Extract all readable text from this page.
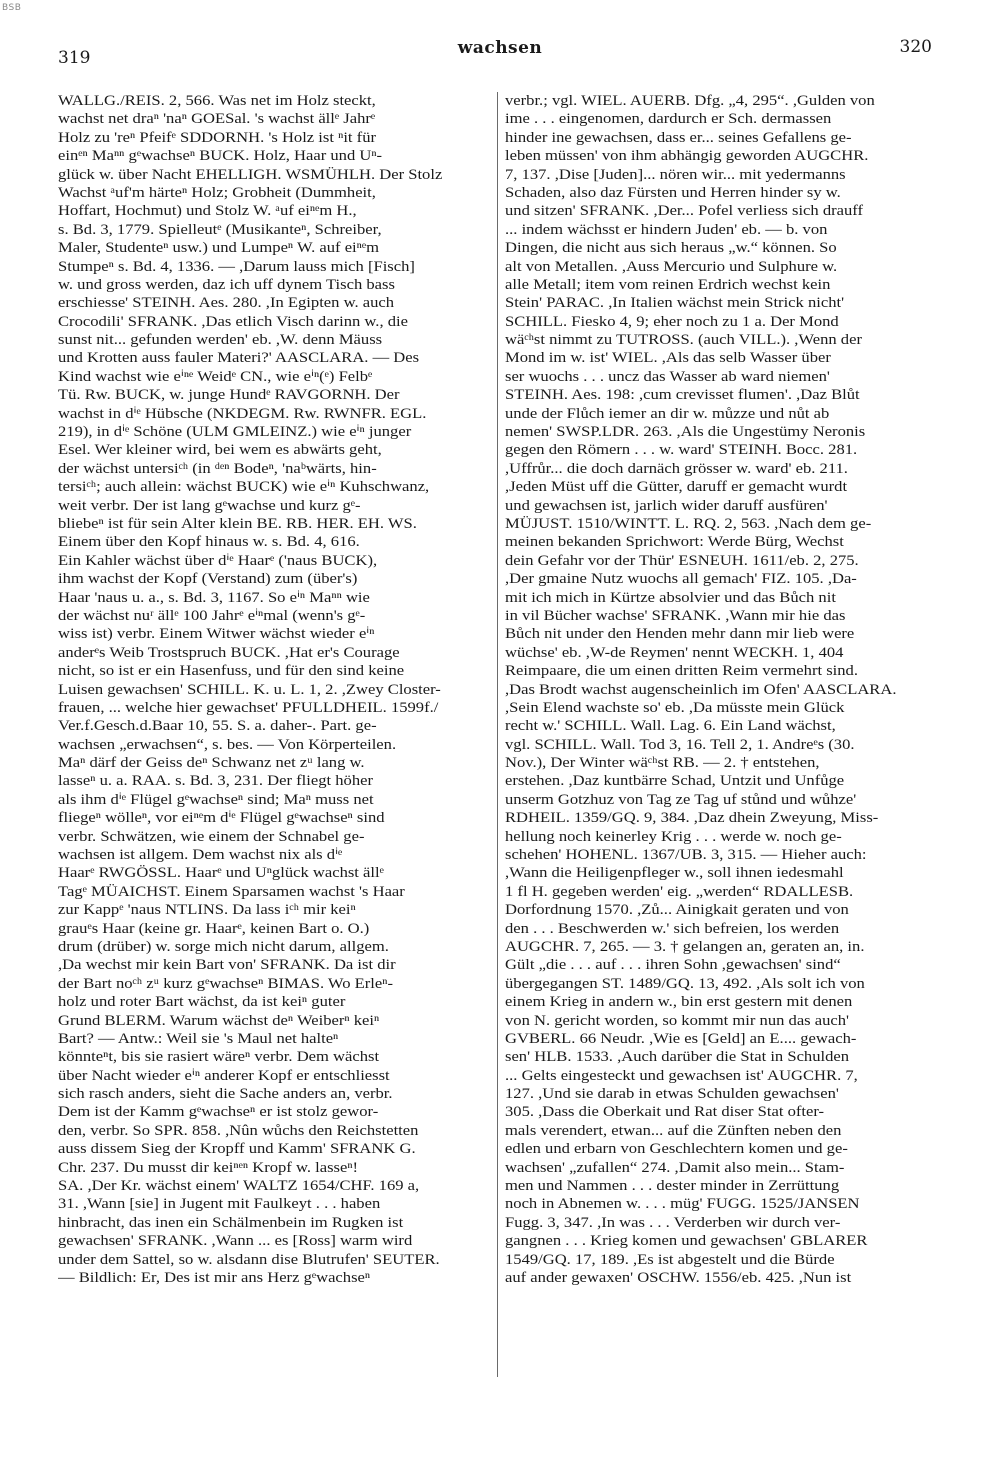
BSB
319	wachsen	320
WALLG./REIS. 2, 566. Was net im Holz steckt,
wachst net draⁿ 'naⁿ GOESal. 's wachst ällᵉ Jahrᵉ
Holz zu 'reⁿ Pfeifᵉ SDDORNH. 's Holz ist ⁿit für
einᵉⁿ Maⁿⁿ gᵉwachseⁿ BUCK. Holz, Haar und Uⁿ-
glück w. über Nacht EHELLIGH. WSMÜHLH. Der Stolz
Wachst ᵃuf'm härteⁿ Holz; Grobheit (Dummheit,
Hoffart, Hochmut) und Stolz W. ᵃuf eiⁿᵉm H.,
s. Bd. 3, 1779. Spielleutᵉ (Musikanteⁿ, Schreiber,
Maler, Studenteⁿ usw.) und Lumpeⁿ W. auf eiⁿᵉm
Stumpeⁿ s. Bd. 4, 1336. — ,Darum lauss mich [Fisch]
w. und gross werden, daz ich uff dynem Tisch bass
erschiesse' STEINH. Aes. 280. ,In Egipten w. auch
Crocodili' SFRANK. ,Das etlich Visch darinn w., die
sunst nit... gefunden werden' eb. ,W. denn Mäuss
und Krotten auss fauler Materi?' AASCLARA. — Des
Kind wachst wie eⁱⁿᵉ Weidᵉ CN., wie eⁱⁿ(ᵉ) Felbᵉ
Tü. Rw. BUCK, w. junge Hundᵉ RAVGORNH. Der
wachst in dⁱᵉ Hübsche (NKDEGM. Rw. RWNFR. EGL.
219), in dⁱᵉ Schöne (ULM GMLEINZ.) wie eⁱⁿ junger
Esel. Wer kleiner wird, bei wem es abwärts geht,
der wächst untersiᶜʰ (in ᵈᵉⁿ Bodeⁿ, 'naᵇwärts, hin-
tersiᶜʰ; auch allein: wächst BUCK) wie eⁱⁿ Kuhschwanz,
weit verbr. Der ist lang gᵉwachse und kurz gᵉ-
bliebeⁿ ist für sein Alter klein BE. RB. HER. EH. WS.
Einem über den Kopf hinaus w. s. Bd. 4, 616.
Ein Kahler wächst über dⁱᵉ Haarᵉ ('naus BUCK),
ihm wachst der Kopf (Verstand) zum (über's)
Haar 'naus u. a., s. Bd. 3, 1167. So eⁱⁿ Maⁿⁿ wie
der wächst nuʳ ällᵉ 100 Jahrᵉ eⁱⁿmal (wenn's gᵉ-
wiss ist) verbr. Einem Witwer wächst wieder eⁱⁿ
anderᵉs Weib Trostspruch BUCK. ,Hat er's Courage
nicht, so ist er ein Hasenfuss, und für den sind keine
Luisen gewachsen' SCHILL. K. u. L. 1, 2. ,Zwey Closter-
frauen, ... welche hier gewachset' PFULLDHEIL. 1599f./
Ver.f.Gesch.d.Baar 10, 55. S. a. daher-. Part. ge-
wachsen „erwachsen“, s. bes. — Von Körperteilen.
Maⁿ därf der Geiss deⁿ Schwanz net zᵘ lang w.
lasseⁿ u. a. RAA. s. Bd. 3, 231. Der fliegt höher
als ihm dⁱᵉ Flügel gᵉwachseⁿ sind; Maⁿ muss net
fliegeⁿ wölleⁿ, vor eiⁿᵉm dⁱᵉ Flügel gᵉwachseⁿ sind
verbr. Schwätzen, wie einem der Schnabel ge-
wachsen ist allgem. Dem wachst nix als dⁱᵉ
Haarᵉ RWGÖSSL. Haarᵉ und Uⁿglück wachst ällᵉ
Tagᵉ MÜAICHST. Einem Sparsamen wachst 's Haar
zur Kappᵉ 'naus NTLINS. Da lass iᶜʰ mir keiⁿ
grauᵉs Haar (keine gr. Haarᵉ, keinen Bart o. O.)
drum (drüber) w. sorge mich nicht darum, allgem.
,Da wechst mir kein Bart von' SFRANK. Da ist dir
der Bart noᶜʰ zᵘ kurz gᵉwachseⁿ BIMAS. Wo Erleⁿ-
holz und roter Bart wächst, da ist keiⁿ guter
Grund BLERM. Warum wächst deⁿ Weiberⁿ keiⁿ
Bart? — Antw.: Weil sie 's Maul net halteⁿ
könnteⁿt, bis sie rasiert wäreⁿ verbr. Dem wächst
über Nacht wieder eⁱⁿ anderer Kopf er entschliesst
sich rasch anders, sieht die Sache anders an, verbr.
Dem ist der Kamm gᵉwachseⁿ er ist stolz gewor-
den, verbr. So SPR. 858. ,Nûn wůchs den Reichstetten
auss dissem Sieg der Kropff und Kamm' SFRANK G.
Chr. 237. Du musst dir keiⁿᵉⁿ Kropf w. lasseⁿ!
SA. ,Der Kr. wächst einem' WALTZ 1654/CHF. 169 a,
31. ,Wann [sie] in Jugent mit Faulkeyt . . . haben
hinbracht, das inen ein Schälmenbein im Rugken ist
gewachsen' SFRANK. ,Wann ... es [Ross] warm wird
under dem Sattel, so w. alsdann dise Blutrufen' SEUTER.
— Bildlich: Er, Des ist mir ans Herz gᵉwachseⁿ
verbr.; vgl. WIEL. AUERB. Dfg. „4, 295“. ,Gulden von
ime . . . eingenomen, dardurch er Sch. dermassen
hinder ine gewachsen, dass er... seines Gefallens ge-
leben müssen' von ihm abhängig geworden AUGCHR.
7, 137. ,Dise [Juden]... nören wir... mit yedermanns
Schaden, also daz Fürsten und Herren hinder sy w.
und sitzen' SFRANK. ,Der... Pofel verliess sich drauff
... indem wächsst er hindern Juden' eb. — b. von
Dingen, die nicht aus sich heraus „w.“ können. So
alt von Metallen. ,Auss Mercurio und Sulphure w.
alle Metall; item vom reinen Erdrich wechst kein
Stein' PARAC. ,In Italien wächst mein Strick nicht'
SCHILL. Fiesko 4, 9; eher noch zu 1 a. Der Mond
wäᶜʰst nimmt zu TUTROSS. (auch VILL.). ,Wenn der
Mond im w. ist' WIEL. ,Als das selb Wasser über
ser wuochs . . . uncz das Wasser ab ward niemen'
STEINH. Aes. 198: ,cum crevisset flumen'. ,Daz Blůt
unde der Flůch iemer an dir w. můzze und nůt ab
nemen' SWSP.LDR. 263. ,Als die Ungestümy Neronis
gegen den Römern . . . w. ward' STEINH. Bocc. 281.
,Uffrůr... die doch darnäch grösser w. ward' eb. 211.
,Jeden Müst uff die Gütter, daruff er gemacht wurdt
und gewachsen ist, jarlich wider daruff ausfüren'
MÜJUST. 1510/WINTT. L. RQ. 2, 563. ,Nach dem ge-
meinen bekanden Sprichwort: Werde Bürg, Wechst
dein Gefahr vor der Thür' ESNEUH. 1611/eb. 2, 275.
,Der gmaine Nutz wuochs all gemach' FIZ. 105. ,Da-
mit ich mich in Kürtze absolvier und das Bůch nit
in vil Bücher wachse' SFRANK. ,Wann mir hie das
Bůch nit under den Henden mehr dann mir lieb were
wüchse' eb. ,W-de Reymen' nennt WECKH. 1, 404
Reimpaare, die um einen dritten Reim vermehrt sind.
,Das Brodt wachst augenscheinlich im Ofen' AASCLARA.
,Sein Elend wachste so' eb. ,Da müsste mein Glück
recht w.' SCHILL. Wall. Lag. 6. Ein Land wächst,
vgl. SCHILL. Wall. Tod 3, 16. Tell 2, 1. Andreᵉs (30.
Nov.), Der Winter wäᶜʰst RB. — 2. † entstehen,
erstehen. ,Daz kuntbärre Schad, Untzit und Unfůge
unserm Gotzhuz von Tag ze Tag uf stůnd und wůhze'
RDHEIL. 1359/GQ. 9, 384. ,Daz dhein Zweyung, Miss-
hellung noch keinerley Krig . . . werde w. noch ge-
schehen' HOHENL. 1367/UB. 3, 315. — Hieher auch:
,Wann die Heiligenpfleger w., soll ihnen iedesmahl
1 fl H. gegeben werden' eig. „werden“ RDALLESB.
Dorfordnung 1570. ,Zů... Ainigkait geraten und von
den . . . Beschwerden w.' sich befreien, los werden
AUGCHR. 7, 265. — 3. † gelangen an, geraten an, in.
Gült „die . . . auf . . . ihren Sohn ,gewachsen' sind“
übergegangen ST. 1489/GQ. 13, 492. ,Als solt ich von
einem Krieg in andern w., bin erst gestern mit denen
von N. gericht worden, so kommt mir nun das auch'
GVBERL. 66 Neudr. ,Wie es [Geld] an E.... gewach-
sen' HLB. 1533. ,Auch darüber die Stat in Schulden
... Gelts eingesteckt und gewachsen ist' AUGCHR. 7,
127. ,Und sie darab in etwas Schulden gewachsen'
305. ,Dass die Oberkait und Rat diser Stat ofter-
mals verendert, etwan... auf die Zünften neben den
edlen und erbarn von Geschlechtern komen und ge-
wachsen' „zufallen“ 274. ,Damit also mein... Stam-
men und Nammen . . . dester minder in Zerrüttung
noch in Abnemen w. . . . müg' FUGG. 1525/JANSEN
Fugg. 3, 347. ,In was . . . Verderben wir durch ver-
gangnen . . . Krieg komen und gewachsen' GBLARER
1549/GQ. 17, 189. ,Es ist abgestelt und die Bürde
auf ander gewaxen' OSCHW. 1556/eb. 425. ,Nun ist
